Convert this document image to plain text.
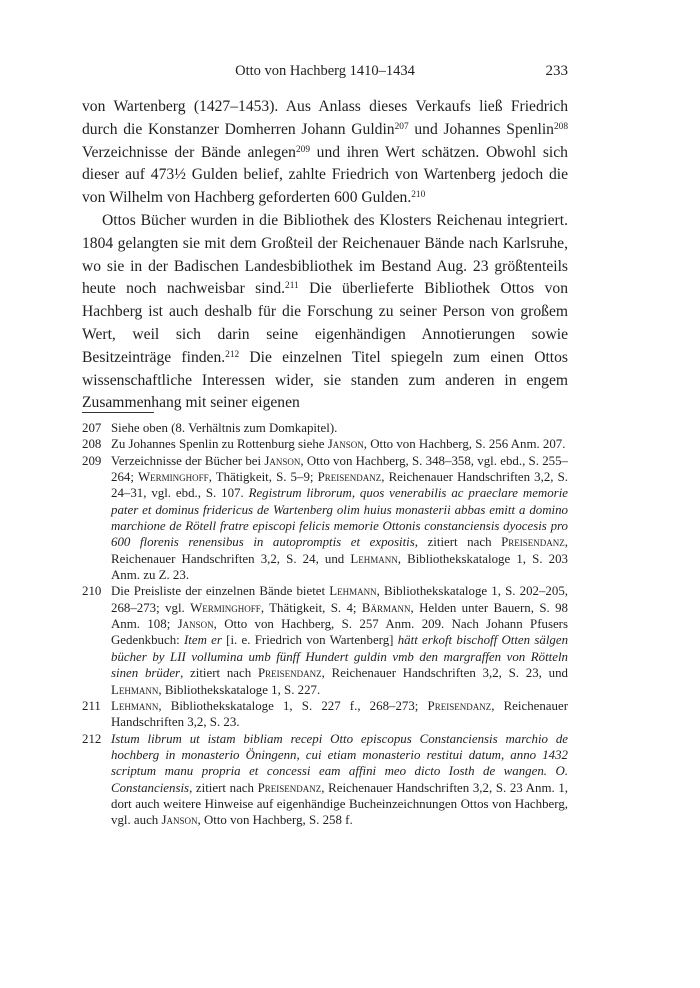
Otto von Hachberg 1410–1434	233

von Wartenberg (1427–1453). Aus Anlass dieses Verkaufs ließ Friedrich durch die Konstanzer Domherren Johann Guldin$^{207}$ und Johannes Spenlin$^{208}$ Verzeichnisse der Bände anlegen$^{209}$ und ihren Wert schätzen. Obwohl sich dieser auf 473½ Gulden belief, zahlte Friedrich von Wartenberg jedoch die von Wilhelm von Hachberg geforderten 600 Gulden.$^{210}$

Ottos Bücher wurden in die Bibliothek des Klosters Reichenau integriert. 1804 gelangten sie mit dem Großteil der Reichenauer Bände nach Karlsruhe, wo sie in der Badischen Landesbibliothek im Bestand Aug. 23 größtenteils heute noch nachweisbar sind.$^{211}$ Die überlieferte Bibliothek Ottos von Hachberg ist auch deshalb für die Forschung zu seiner Person von großem Wert, weil sich darin seine eigenhändigen Annotierungen sowie Besitzeinträge finden.$^{212}$ Die einzelnen Titel spiegeln zum einen Ottos wissenschaftliche Interessen wider, sie standen zum anderen in engem Zusammenhang mit seiner eigenen

207 Siehe oben (8. Verhältnis zum Domkapitel).
208 Zu Johannes Spenlin zu Rottenburg siehe Janson, Otto von Hachberg, S. 256 Anm. 207.
209 Verzeichnisse der Bücher bei Janson, Otto von Hachberg, S. 348–358, vgl. ebd., S. 255–264; Werminghoff, Thätigkeit, S. 5–9; Preisendanz, Reichenauer Handschriften 3,2, S. 24–31, vgl. ebd., S. 107. Registrum librorum, quos venerabilis ac praeclare memorie pater et dominus fridericus de Wartenberg olim huius monasterii abbas emitt a domino marchione de Rötell fratre episcopi felicis memorie Ottonis constanciensis dyocesis pro 600 florenis renensibus in autopromptis et expositis, zitiert nach Preisendanz, Reichenauer Handschriften 3,2, S. 24, und Lehmann, Bibliothekskataloge 1, S. 203 Anm. zu Z. 23.
210 Die Preisliste der einzelnen Bände bietet Lehmann, Bibliothekskataloge 1, S. 202–205, 268–273; vgl. Werminghoff, Thätigkeit, S. 4; Bärmann, Helden unter Bauern, S. 98 Anm. 108; Janson, Otto von Hachberg, S. 257 Anm. 209. Nach Johann Pfusers Gedenkbuch: Item er [i. e. Friedrich von Wartenberg] hätt erkoft bischoff Otten sälgen bücher by LII vollumina umb fünff Hundert guldin vmb den margraffen von Rötteln sinen brüder, zitiert nach Preisendanz, Reichenauer Handschriften 3,2, S. 23, und Lehmann, Bibliothekskataloge 1, S. 227.
211 Lehmann, Bibliothekskataloge 1, S. 227 f., 268–273; Preisendanz, Reichenauer Handschriften 3,2, S. 23.
212 Istum librum ut istam bibliam recepi Otto episcopus Constanciensis marchio de hochberg in monasterio Öningenn, cui etiam monasterio restitui datum, anno 1432 scriptum manu propria et concessi eam affini meo dicto Iosth de wangen. O. Constanciensis, zitiert nach Preisendanz, Reichenauer Handschriften 3,2, S. 23 Anm. 1, dort auch weitere Hinweise auf eigenhändige Bucheinzeichnungen Ottos von Hachberg, vgl. auch Janson, Otto von Hachberg, S. 258 f.
